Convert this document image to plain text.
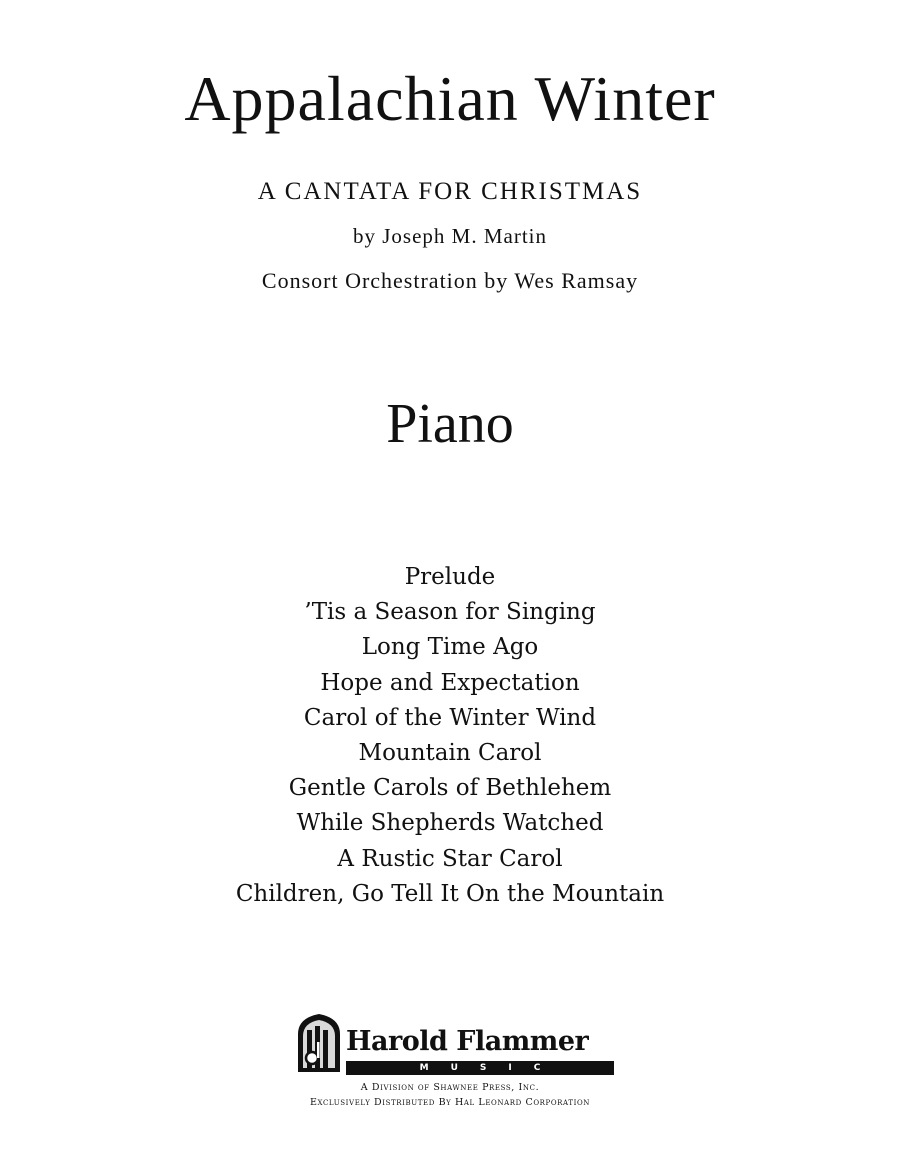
Appalachian Winter
A CANTATA FOR CHRISTMAS
by Joseph M. Martin
Consort Orchestration by Wes Ramsay
Piano
Prelude
’Tis a Season for Singing
Long Time Ago
Hope and Expectation
Carol of the Winter Wind
Mountain Carol
Gentle Carols of Bethlehem
While Shepherds Watched
A Rustic Star Carol
Children, Go Tell It On the Mountain
Harold Flammer
MUSIC
A Division of Shawnee Press, Inc.
Exclusively Distributed By Hal Leonard Corporation
